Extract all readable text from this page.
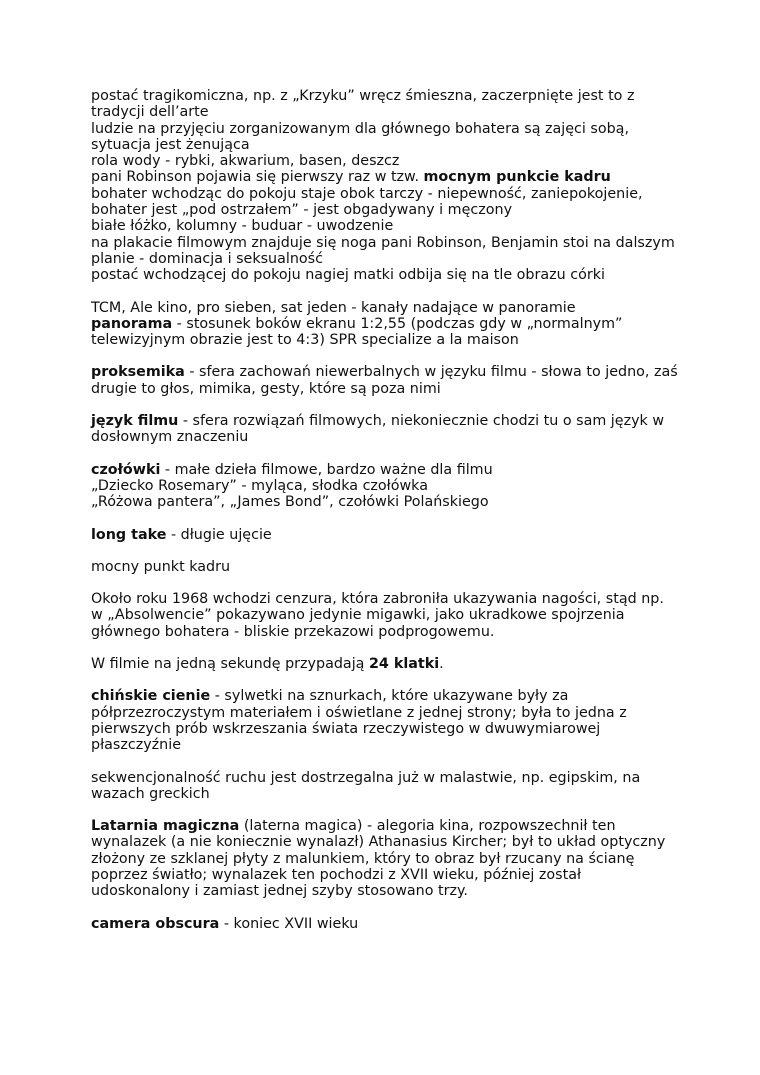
postać tragikomiczna, np. z „Krzyku” wręcz śmieszna, zaczerpnięte jest to z
tradycji dell’arte
ludzie na przyjęciu zorganizowanym dla głównego bohatera są zajęci sobą,
sytuacja jest żenująca
rola wody - rybki, akwarium, basen, deszcz
pani Robinson pojawia się pierwszy raz w tzw. mocnym punkcie kadru
bohater wchodząc do pokoju staje obok tarczy - niepewność, zaniepokojenie,
bohater jest „pod ostrzałem” - jest obgadywany i męczony
białe łóżko, kolumny - buduar - uwodzenie
na plakacie filmowym znajduje się noga pani Robinson, Benjamin stoi na dalszym
planie - dominacja i seksualność
postać wchodzącej do pokoju nagiej matki odbija się na tle obrazu córki

TCM, Ale kino, pro sieben, sat jeden - kanały nadające w panoramie
panorama - stosunek boków ekranu 1:2,55 (podczas gdy w „normalnym”
telewizyjnym obrazie jest to 4:3) SPR specialize a la maison

proksemika - sfera zachowań niewerbalnych w języku filmu - słowa to jedno, zaś
drugie to głos, mimika, gesty, które są poza nimi

język filmu - sfera rozwiązań filmowych, niekoniecznie chodzi tu o sam język w
dosłownym znaczeniu

czołówki - małe dzieła filmowe, bardzo ważne dla filmu
„Dziecko Rosemary” - myląca, słodka czołówka
„Różowa pantera”, „James Bond”, czołówki Polańskiego

long take - długie ujęcie

mocny punkt kadru

Około roku 1968 wchodzi cenzura, która zabroniła ukazywania nagości, stąd np.
w „Absolwencie” pokazywano jedynie migawki, jako ukradkowe spojrzenia
głównego bohatera - bliskie przekazowi podprogowemu.

W filmie na jedną sekundę przypadają 24 klatki.

chińskie cienie - sylwetki na sznurkach, które ukazywane były za
półprzezroczystym materiałem i oświetlane z jednej strony; była to jedna z
pierwszych prób wskrzeszania świata rzeczywistego w dwuwymiarowej
płaszczyźnie

sekwencjonalność ruchu jest dostrzegalna już w malastwie, np. egipskim, na
wazach greckich

Latarnia magiczna (laterna magica) - alegoria kina, rozpowszechnił ten
wynalazek (a nie koniecznie wynalazł) Athanasius Kircher; był to układ optyczny
złożony ze szklanej płyty z malunkiem, który to obraz był rzucany na ścianę
poprzez światło; wynalazek ten pochodzi z XVII wieku, później został
udoskonalony i zamiast jednej szyby stosowano trzy.

camera obscura - koniec XVII wieku
